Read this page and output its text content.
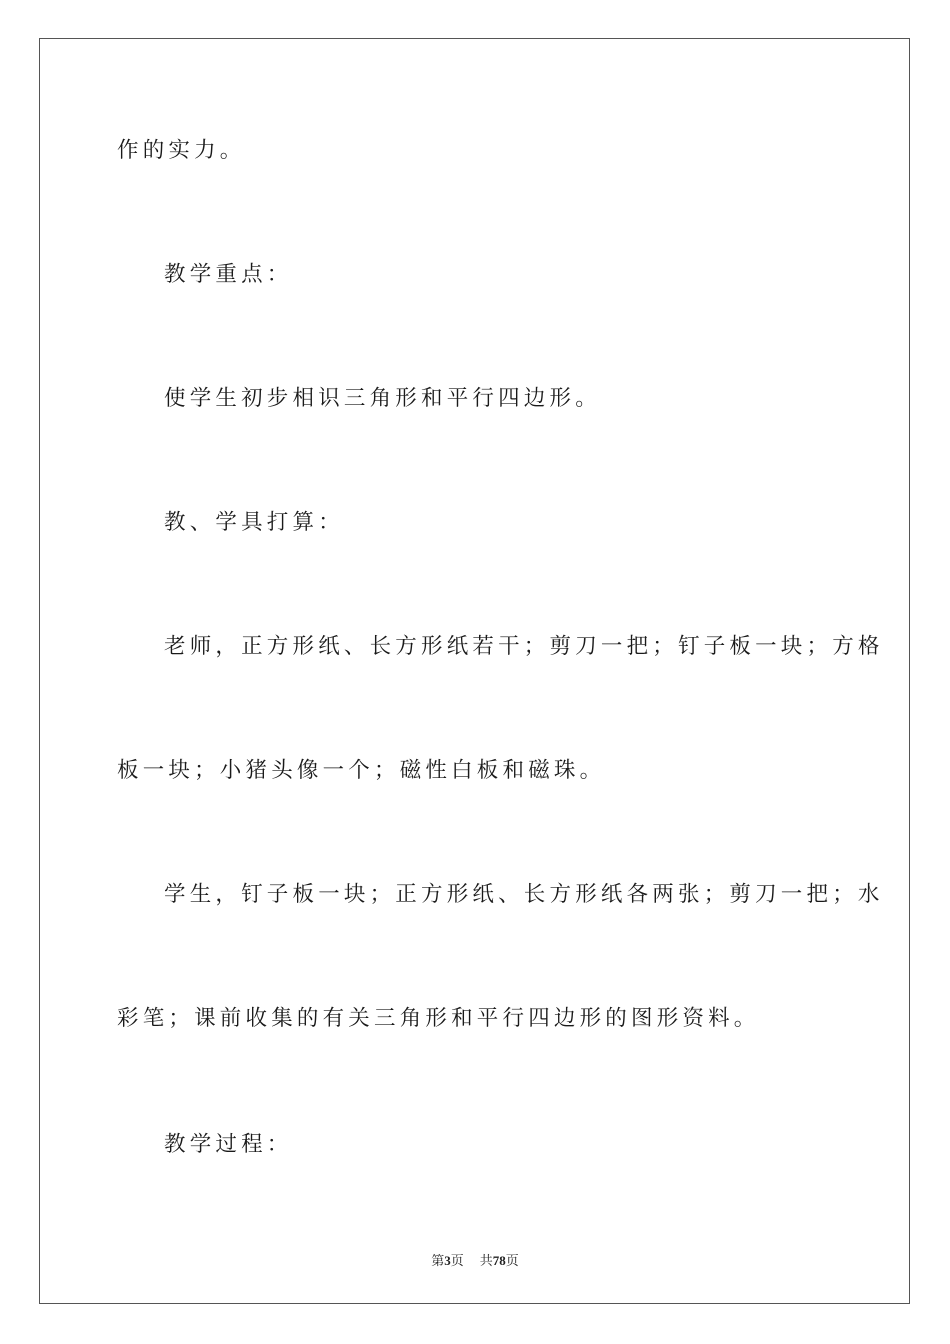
作的实力。
教学重点：
使学生初步相识三角形和平行四边形。
教、学具打算：
老师，正方形纸、长方形纸若干；剪刀一把；钉子板一块；方格
板一块；小猪头像一个；磁性白板和磁珠。
学生，钉子板一块；正方形纸、长方形纸各两张；剪刀一把；水
彩笔；课前收集的有关三角形和平行四边形的图形资料。
教学过程：
第3页 共78页
